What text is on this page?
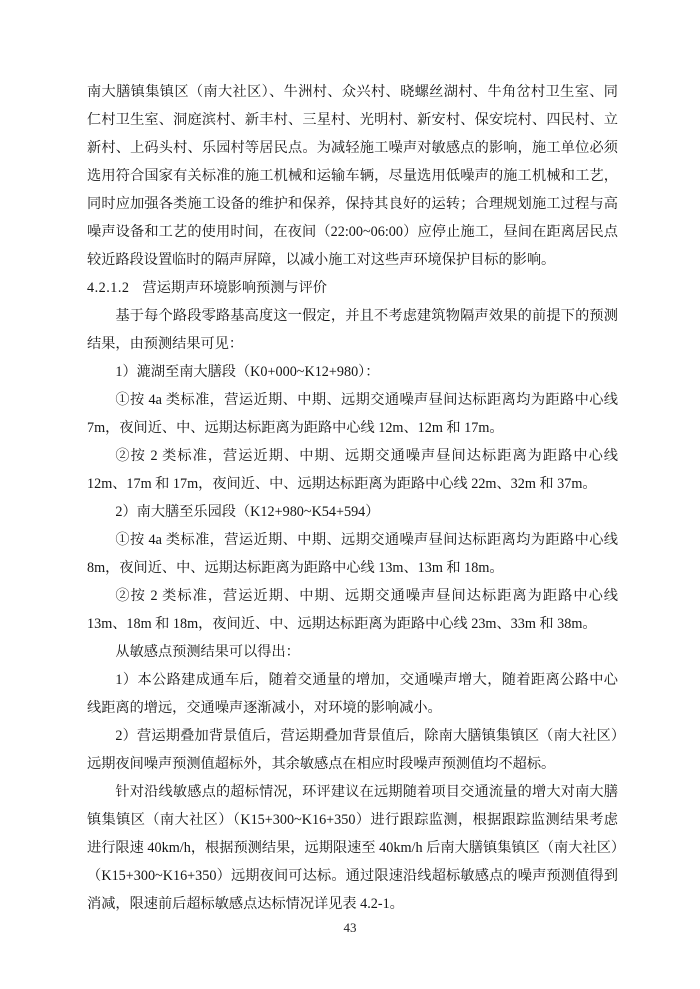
南大膳镇集镇区（南大社区）、牛洲村、众兴村、晓螺丝湖村、牛角岔村卫生室、同仁村卫生室、洞庭滨村、新丰村、三星村、光明村、新安村、保安垸村、四民村、立新村、上码头村、乐园村等居民点。为减轻施工噪声对敏感点的影响，施工单位必须选用符合国家有关标准的施工机械和运输车辆，尽量选用低噪声的施工机械和工艺，同时应加强各类施工设备的维护和保养，保持其良好的运转；合理规划施工过程与高噪声设备和工艺的使用时间，在夜间（22:00~06:00）应停止施工，昼间在距离居民点较近路段设置临时的隔声屏障，以减小施工对这些声环境保护目标的影响。

4.2.1.2 营运期声环境影响预测与评价

基于每个路段零路基高度这一假定，并且不考虑建筑物隔声效果的前提下的预测结果，由预测结果可见：

1）漉湖至南大膳段（K0+000~K12+980）：

①按 4a 类标准，营运近期、中期、远期交通噪声昼间达标距离均为距路中心线 7m，夜间近、中、远期达标距离为距路中心线 12m、12m 和 17m。

②按 2 类标准，营运近期、中期、远期交通噪声昼间达标距离为距路中心线 12m、17m 和 17m，夜间近、中、远期达标距离为距路中心线 22m、32m 和 37m。

2）南大膳至乐园段（K12+980~K54+594）

①按 4a 类标准，营运近期、中期、远期交通噪声昼间达标距离均为距路中心线 8m，夜间近、中、远期达标距离为距路中心线 13m、13m 和 18m。

②按 2 类标准，营运近期、中期、远期交通噪声昼间达标距离为距路中心线 13m、18m 和 18m，夜间近、中、远期达标距离为距路中心线 23m、33m 和 38m。

从敏感点预测结果可以得出：

1）本公路建成通车后，随着交通量的增加，交通噪声增大，随着距离公路中心线距离的增远，交通噪声逐渐减小，对环境的影响减小。

2）营运期叠加背景值后，营运期叠加背景值后，除南大膳镇集镇区（南大社区）远期夜间噪声预测值超标外，其余敏感点在相应时段噪声预测值均不超标。

针对沿线敏感点的超标情况，环评建议在远期随着项目交通流量的增大对南大膳镇集镇区（南大社区）（K15+300~K16+350）进行跟踪监测，根据跟踪监测结果考虑进行限速 40km/h，根据预测结果，远期限速至 40km/h 后南大膳镇集镇区（南大社区）（K15+300~K16+350）远期夜间可达标。通过限速沿线超标敏感点的噪声预测值得到消减，限速前后超标敏感点达标情况详见表 4.2-1。

43
